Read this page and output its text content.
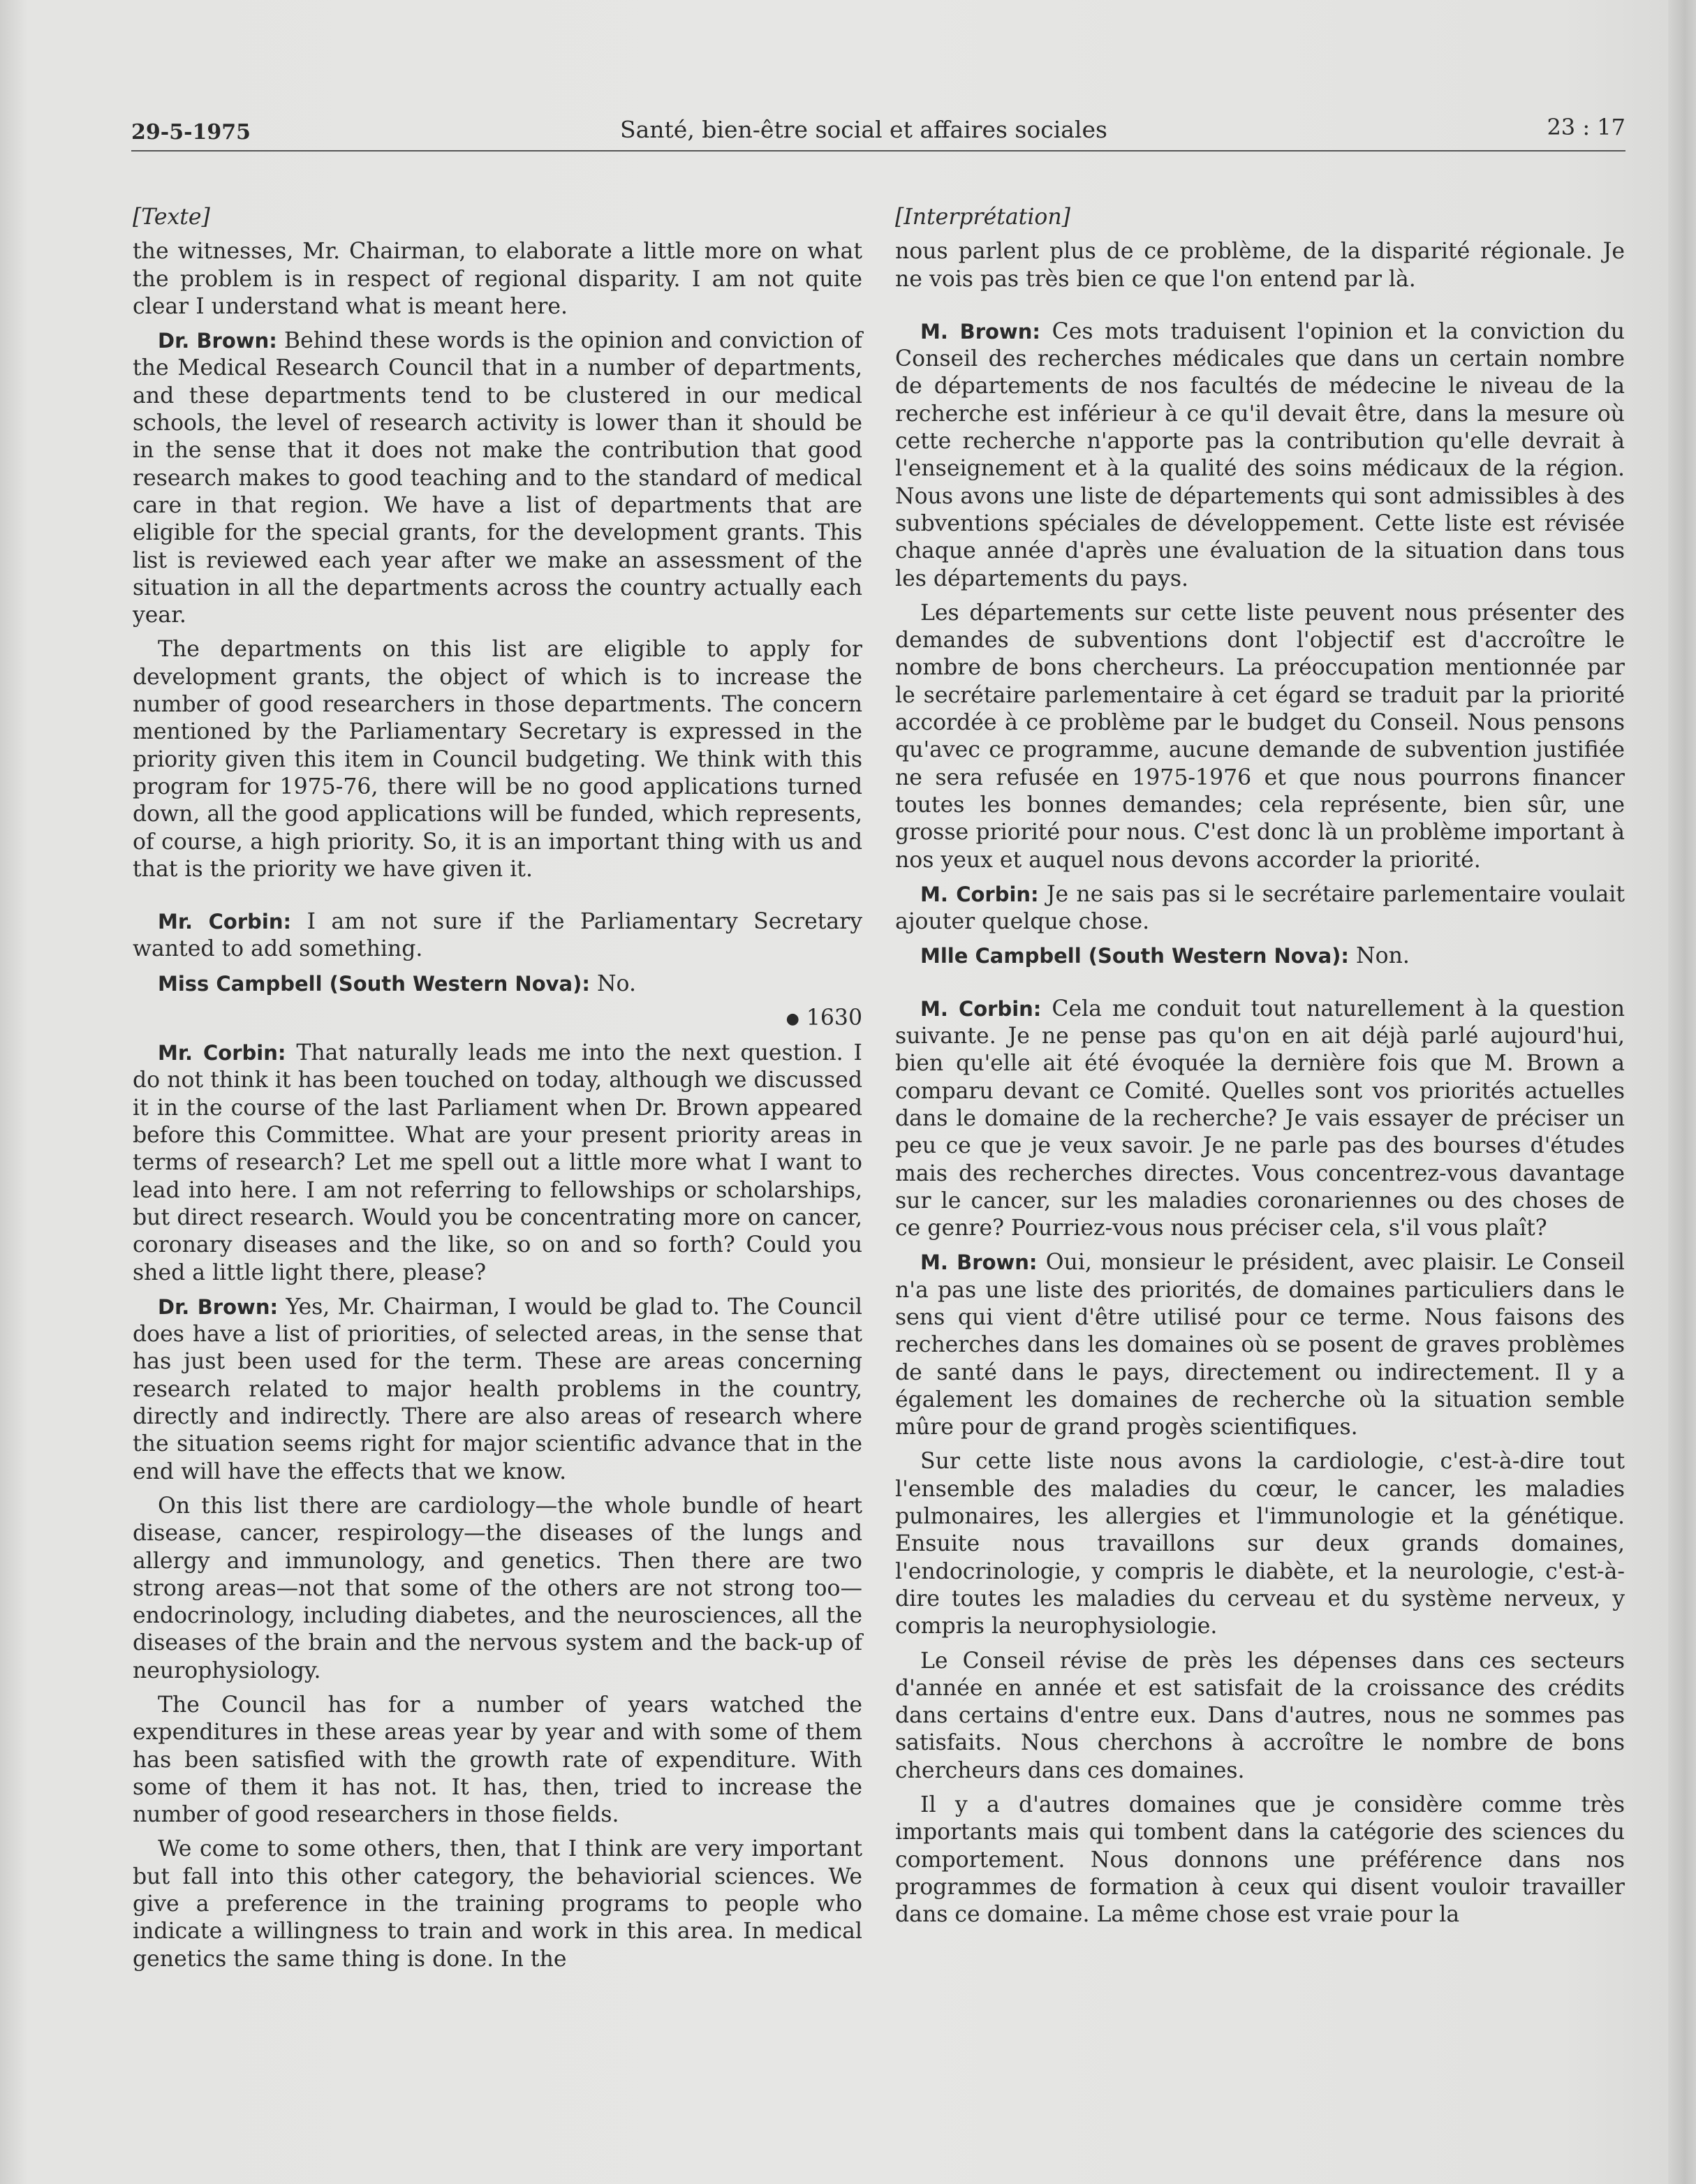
29-5-1975	Santé, bien-être social et affaires sociales	23 : 17

[Texte]

the witnesses, Mr. Chairman, to elaborate a little more on what the problem is in respect of regional disparity. I am not quite clear I understand what is meant here.

Dr. Brown: Behind these words is the opinion and conviction of the Medical Research Council that in a number of departments, and these departments tend to be clustered in our medical schools, the level of research activity is lower than it should be in the sense that it does not make the contribution that good research makes to good teaching and to the standard of medical care in that region. We have a list of departments that are eligible for the special grants, for the development grants. This list is reviewed each year after we make an assessment of the situation in all the departments across the country actually each year.

The departments on this list are eligible to apply for development grants, the object of which is to increase the number of good researchers in those departments. The concern mentioned by the Parliamentary Secretary is expressed in the priority given this item in Council budgeting. We think with this program for 1975-76, there will be no good applications turned down, all the good applications will be funded, which represents, of course, a high priority. So, it is an important thing with us and that is the priority we have given it.

Mr. Corbin: I am not sure if the Parliamentary Secretary wanted to add something.

Miss Campbell (South Western Nova): No.

● 1630

Mr. Corbin: That naturally leads me into the next question. I do not think it has been touched on today, although we discussed it in the course of the last Parliament when Dr. Brown appeared before this Committee. What are your present priority areas in terms of research? Let me spell out a little more what I want to lead into here. I am not referring to fellowships or scholarships, but direct research. Would you be concentrating more on cancer, coronary diseases and the like, so on and so forth? Could you shed a little light there, please?

Dr. Brown: Yes, Mr. Chairman, I would be glad to. The Council does have a list of priorities, of selected areas, in the sense that has just been used for the term. These are areas concerning research related to major health problems in the country, directly and indirectly. There are also areas of research where the situation seems right for major scientific advance that in the end will have the effects that we know.

On this list there are cardiology—the whole bundle of heart disease, cancer, respirology—the diseases of the lungs and allergy and immunology, and genetics. Then there are two strong areas—not that some of the others are not strong too—endocrinology, including diabetes, and the neurosciences, all the diseases of the brain and the nervous system and the back-up of neurophysiology.

The Council has for a number of years watched the expenditures in these areas year by year and with some of them has been satisfied with the growth rate of expenditure. With some of them it has not. It has, then, tried to increase the number of good researchers in those fields.

We come to some others, then, that I think are very important but fall into this other category, the behaviorial sciences. We give a preference in the training programs to people who indicate a willingness to train and work in this area. In medical genetics the same thing is done. In the

[Interprétation]

nous parlent plus de ce problème, de la disparité régionale. Je ne vois pas très bien ce que l'on entend par là.

M. Brown: Ces mots traduisent l'opinion et la conviction du Conseil des recherches médicales que dans un certain nombre de départements de nos facultés de médecine le niveau de la recherche est inférieur à ce qu'il devait être, dans la mesure où cette recherche n'apporte pas la contribution qu'elle devrait à l'enseignement et à la qualité des soins médicaux de la région. Nous avons une liste de départements qui sont admissibles à des subventions spéciales de développement. Cette liste est révisée chaque année d'après une évaluation de la situation dans tous les départements du pays.

Les départements sur cette liste peuvent nous présenter des demandes de subventions dont l'objectif est d'accroître le nombre de bons chercheurs. La préoccupation mentionnée par le secrétaire parlementaire à cet égard se traduit par la priorité accordée à ce problème par le budget du Conseil. Nous pensons qu'avec ce programme, aucune demande de subvention justifiée ne sera refusée en 1975-1976 et que nous pourrons financer toutes les bonnes demandes; cela représente, bien sûr, une grosse priorité pour nous. C'est donc là un problème important à nos yeux et auquel nous devons accorder la priorité.

M. Corbin: Je ne sais pas si le secrétaire parlementaire voulait ajouter quelque chose.

Mlle Campbell (South Western Nova): Non.

M. Corbin: Cela me conduit tout naturellement à la question suivante. Je ne pense pas qu'on en ait déjà parlé aujourd'hui, bien qu'elle ait été évoquée la dernière fois que M. Brown a comparu devant ce Comité. Quelles sont vos priorités actuelles dans le domaine de la recherche? Je vais essayer de préciser un peu ce que je veux savoir. Je ne parle pas des bourses d'études mais des recherches directes. Vous concentrez-vous davantage sur le cancer, sur les maladies coronariennes ou des choses de ce genre? Pourriez-vous nous préciser cela, s'il vous plaît?

M. Brown: Oui, monsieur le président, avec plaisir. Le Conseil n'a pas une liste des priorités, de domaines particuliers dans le sens qui vient d'être utilisé pour ce terme. Nous faisons des recherches dans les domaines où se posent de graves problèmes de santé dans le pays, directement ou indirectement. Il y a également les domaines de recherche où la situation semble mûre pour de grand progès scientifiques.

Sur cette liste nous avons la cardiologie, c'est-à-dire tout l'ensemble des maladies du cœur, le cancer, les maladies pulmonaires, les allergies et l'immunologie et la génétique. Ensuite nous travaillons sur deux grands domaines, l'endocrinologie, y compris le diabète, et la neurologie, c'est-à-dire toutes les maladies du cerveau et du système nerveux, y compris la neurophysiologie.

Le Conseil révise de près les dépenses dans ces secteurs d'année en année et est satisfait de la croissance des crédits dans certains d'entre eux. Dans d'autres, nous ne sommes pas satisfaits. Nous cherchons à accroître le nombre de bons chercheurs dans ces domaines.

Il y a d'autres domaines que je considère comme très importants mais qui tombent dans la catégorie des sciences du comportement. Nous donnons une préférence dans nos programmes de formation à ceux qui disent vouloir travailler dans ce domaine. La même chose est vraie pour la
